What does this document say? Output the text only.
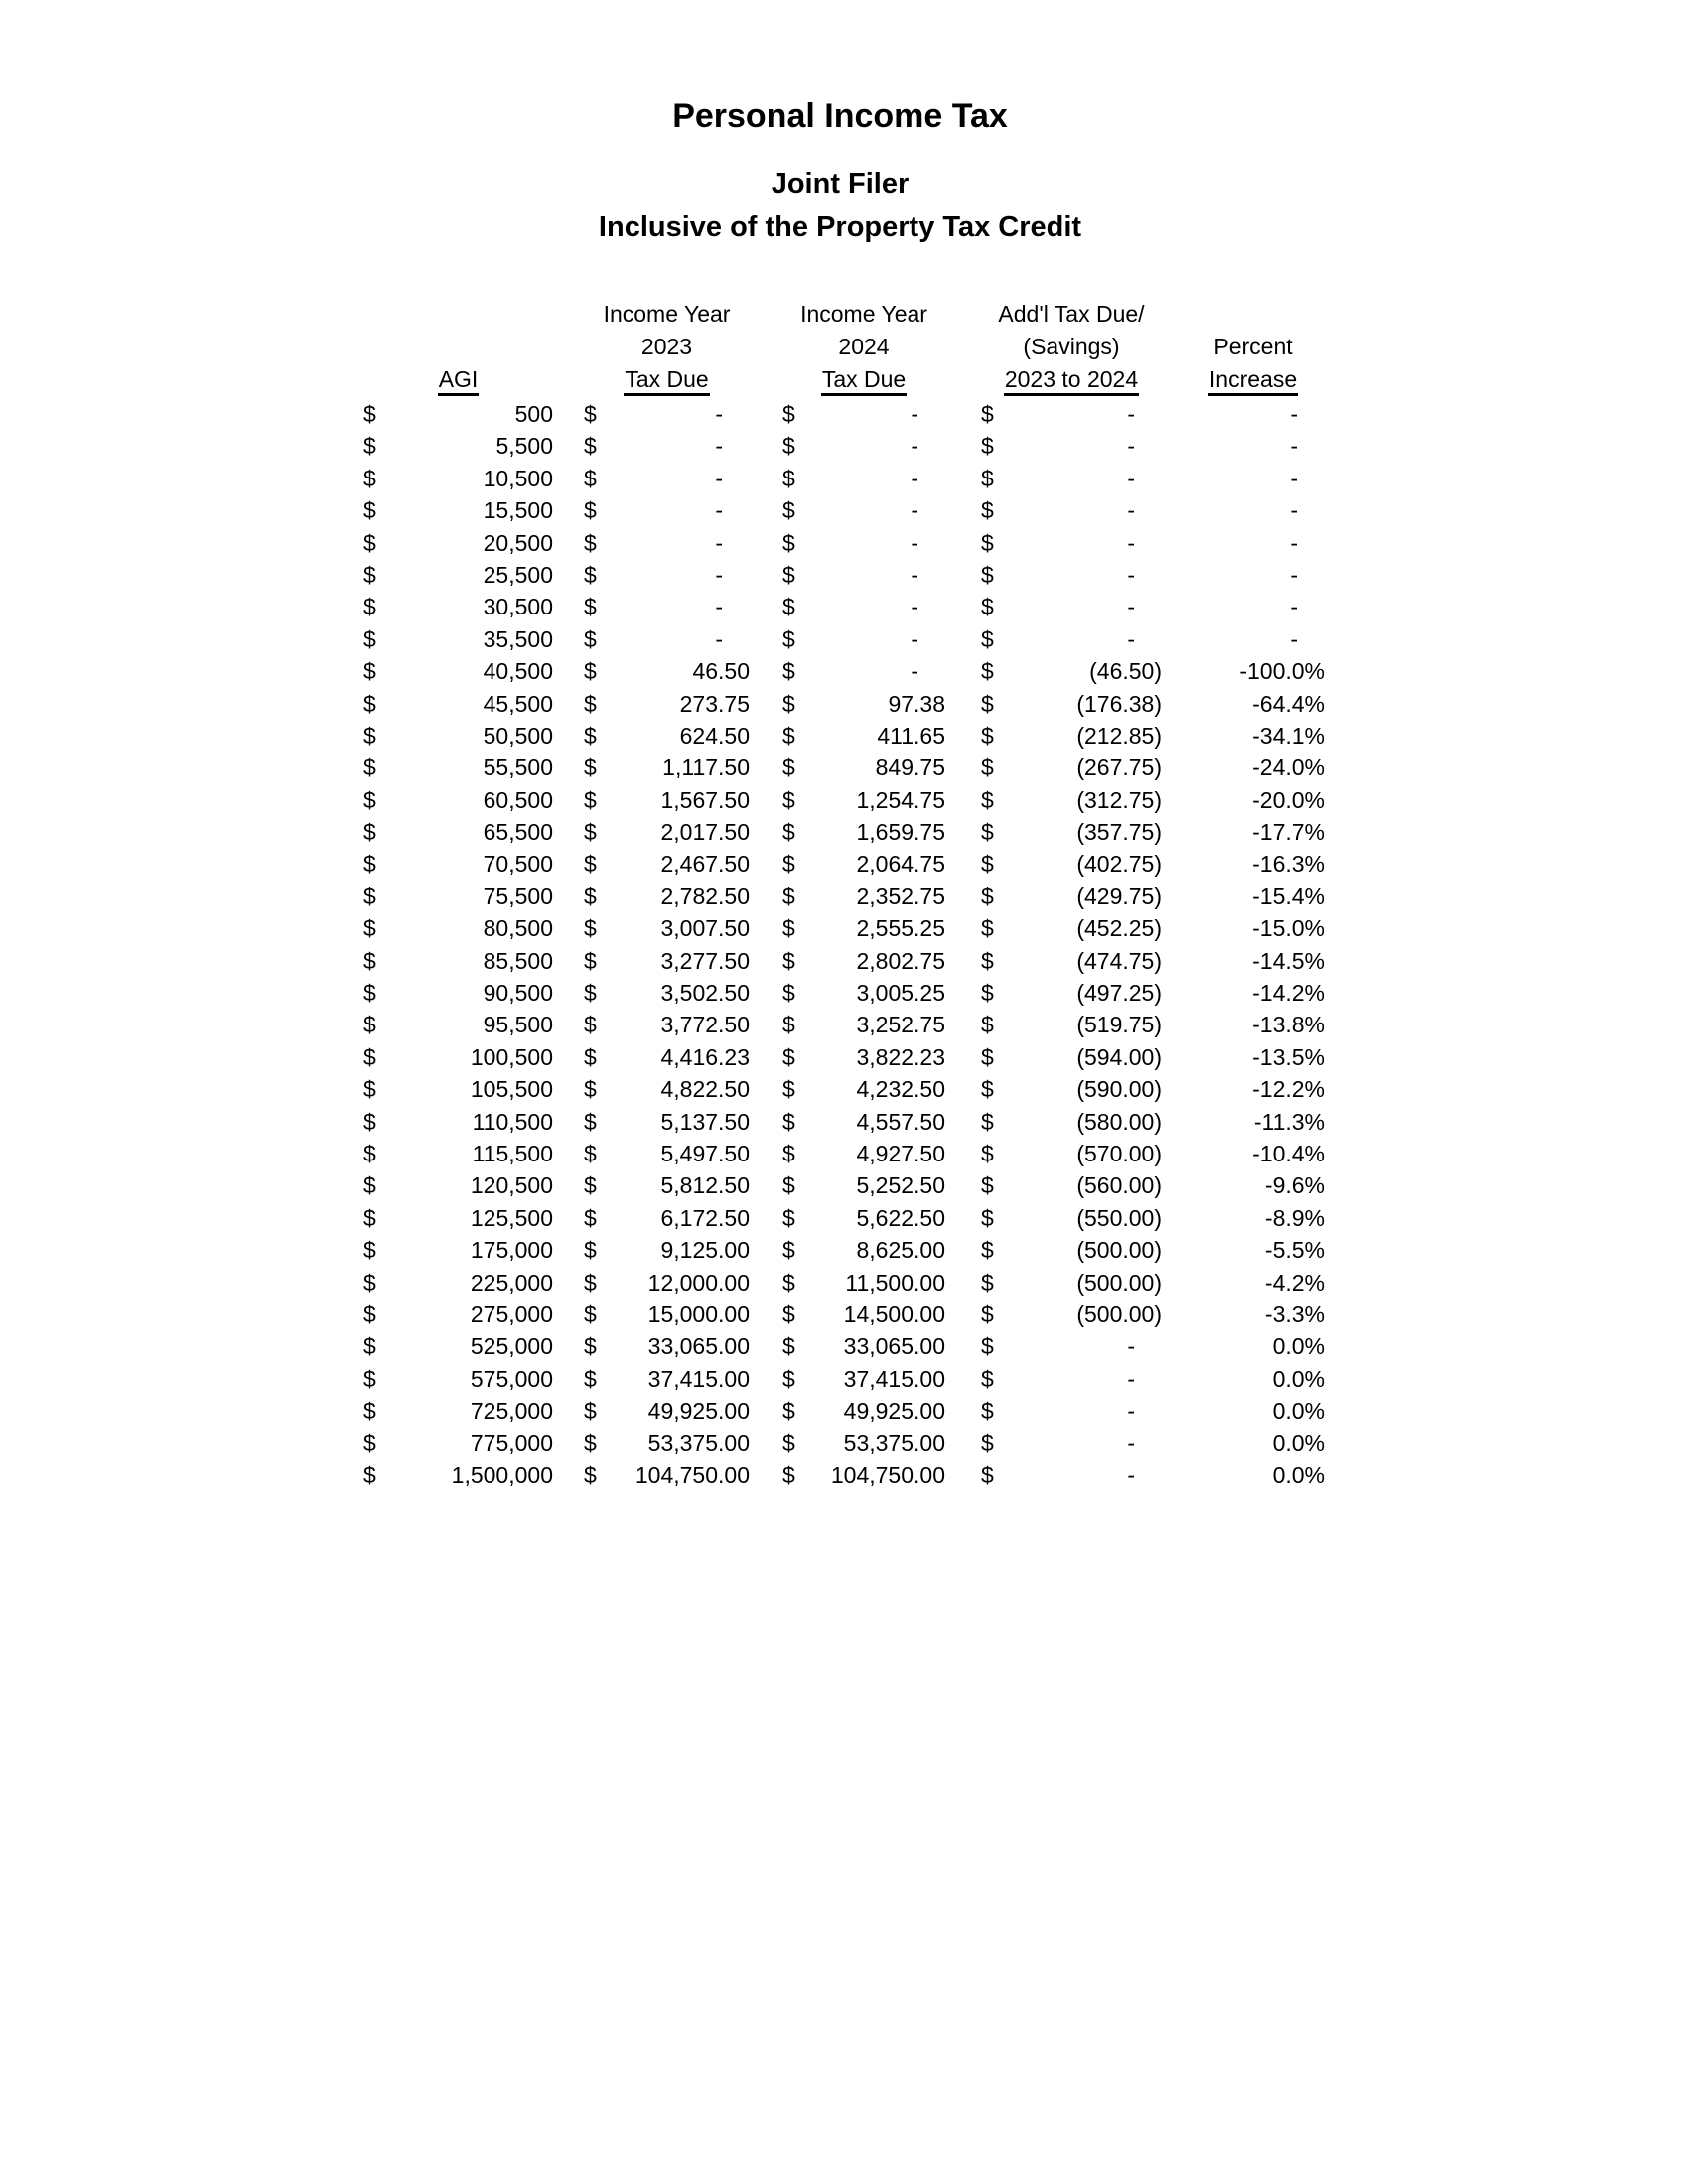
Personal Income Tax
Joint Filer
Inclusive of the Property Tax Credit
Income Year	Income Year	Add'l Tax Due/
2023	2024	(Savings)	Percent
AGI	Tax Due	Tax Due	2023 to 2024	Increase
$	500 $	-	$	-	$	-	-
$	5,500 $	-	$	-	$	-	-
$	10,500 $	-	$	-	$	-	-
$	15,500 $	-	$	-	$	-	-
$	20,500 $	-	$	-	$	-	-
$	25,500 $	-	$	-	$	-	-
$	30,500 $	-	$	-	$	-	-
$	35,500 $	-	$	-	$	-	-
$	40,500 $	46.50 $	-	$	(46.50)	-100.0%
$	45,500 $	273.75 $	97.38 $	(176.38)	-64.4%
$	50,500 $	624.50 $	411.65 $	(212.85)	-34.1%
$	55,500 $	1,117.50 $	849.75 $	(267.75)	-24.0%
$	60,500 $	1,567.50 $	1,254.75 $	(312.75)	-20.0%
$	65,500 $	2,017.50 $	1,659.75 $	(357.75)	-17.7%
$	70,500 $	2,467.50 $	2,064.75 $	(402.75)	-16.3%
$	75,500 $	2,782.50 $	2,352.75 $	(429.75)	-15.4%
$	80,500 $	3,007.50 $	2,555.25 $	(452.25)	-15.0%
$	85,500 $	3,277.50 $	2,802.75 $	(474.75)	-14.5%
$	90,500 $	3,502.50 $	3,005.25 $	(497.25)	-14.2%
$	95,500 $	3,772.50 $	3,252.75 $	(519.75)	-13.8%
$	100,500 $	4,416.23 $	3,822.23 $	(594.00)	-13.5%
$	105,500 $	4,822.50 $	4,232.50 $	(590.00)	-12.2%
$	110,500 $	5,137.50 $	4,557.50 $	(580.00)	-11.3%
$	115,500 $	5,497.50 $	4,927.50 $	(570.00)	-10.4%
$	120,500 $	5,812.50 $	5,252.50 $	(560.00)	-9.6%
$	125,500 $	6,172.50 $	5,622.50 $	(550.00)	-8.9%
$	175,000 $	9,125.00 $	8,625.00 $	(500.00)	-5.5%
$	225,000 $ 12,000.00 $ 11,500.00 $	(500.00)	-4.2%
$	275,000 $ 15,000.00 $ 14,500.00 $	(500.00)	-3.3%
$	525,000 $ 33,065.00 $ 33,065.00 $	-	0.0%
$	575,000 $ 37,415.00 $ 37,415.00 $	-	0.0%
$	725,000 $ 49,925.00 $ 49,925.00 $	-	0.0%
$	775,000 $ 53,375.00 $ 53,375.00 $	-	0.0%
$	1,500,000 $ 104,750.00 $ 104,750.00 $	-	0.0%
